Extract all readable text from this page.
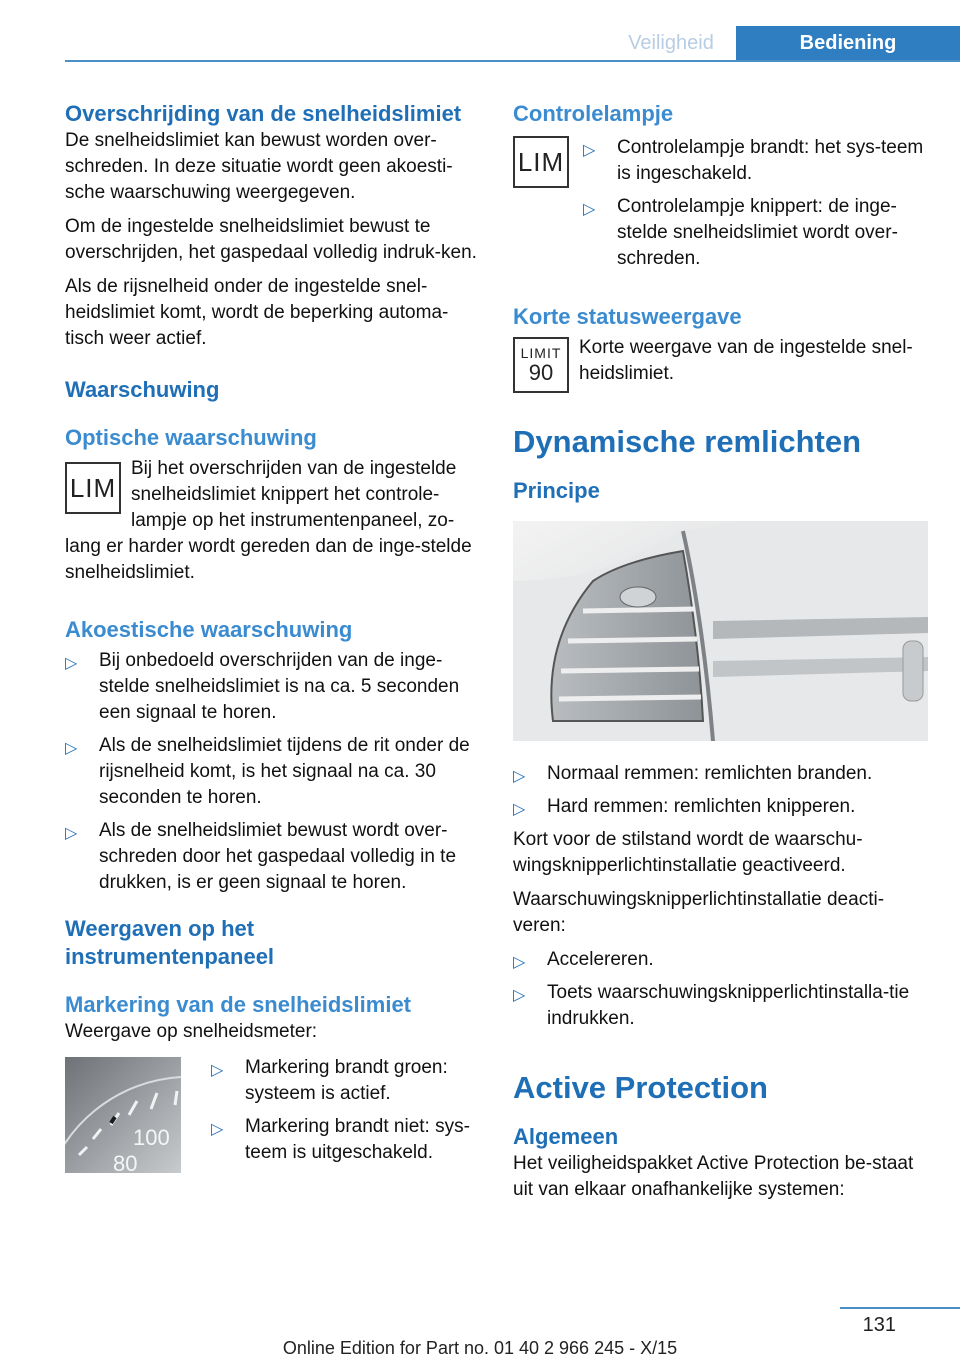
Veiligheid	Bediening
Overschrijding van de snelheidslimiet

De snelheidslimiet kan bewust worden over-schreden. In deze situatie wordt geen akoesti-sche waarschuwing weergegeven.

Om de ingestelde snelheidslimiet bewust te overschrijden, het gaspedaal volledig indruk-ken.

Als de rijsnelheid onder de ingestelde snel-heidslimiet komt, wordt de beperking automa-tisch weer actief.

Waarschuwing
Optische waarschuwing
LIM

Bij het overschrijden van de ingestelde snelheidslimiet knippert het controle-lampje op het instrumentenpaneel, zo-lang er harder wordt gereden dan de inge-stelde snelheidslimiet.

Akoestische waarschuwing
▷ Bij onbedoeld overschrijden van de inge-stelde snelheidslimiet is na ca. 5 seconden een signaal te horen.
▷ Als de snelheidslimiet tijdens de rit onder de rijsnelheid komt, is het signaal na ca. 30 seconden te horen.
▷ Als de snelheidslimiet bewust wordt over-schreden door het gaspedaal volledig in te drukken, is er geen signaal te horen.
Weergaven op het instrumentenpaneel
Markering van de snelheidslimiet

Weergave op snelheidsmeter:

100
80
▷ Markering brandt groen: systeem is actief.
▷ Markering brandt niet: sys-teem is uitgeschakeld.
Controlelampje
LIM ▷ Controlelampje brandt: het sys-teem is ingeschakeld.
▷ Controlelampje knippert: de inge-stelde snelheidslimiet wordt over-schreden.
Korte statusweergave
LIMIT
90

Korte weergave van de ingestelde snel-heidslimiet.

Dynamische remlichten
Principe
▷ Normaal remmen: remlichten branden.
▷ Hard remmen: remlichten knipperen.

Kort voor de stilstand wordt de waarschu-wingsknipperlichtinstallatie geactiveerd.

Waarschuwingsknipperlichtinstallatie deacti-veren:

▷ Accelereren.
▷ Toets waarschuwingsknipperlichtinstalla-tie indrukken.
Active Protection
Algemeen

Het veiligheidspakket Active Protection be-staat uit van elkaar onafhankelijke systemen:

131
Online Edition for Part no. 01 40 2 966 245 - X/15
